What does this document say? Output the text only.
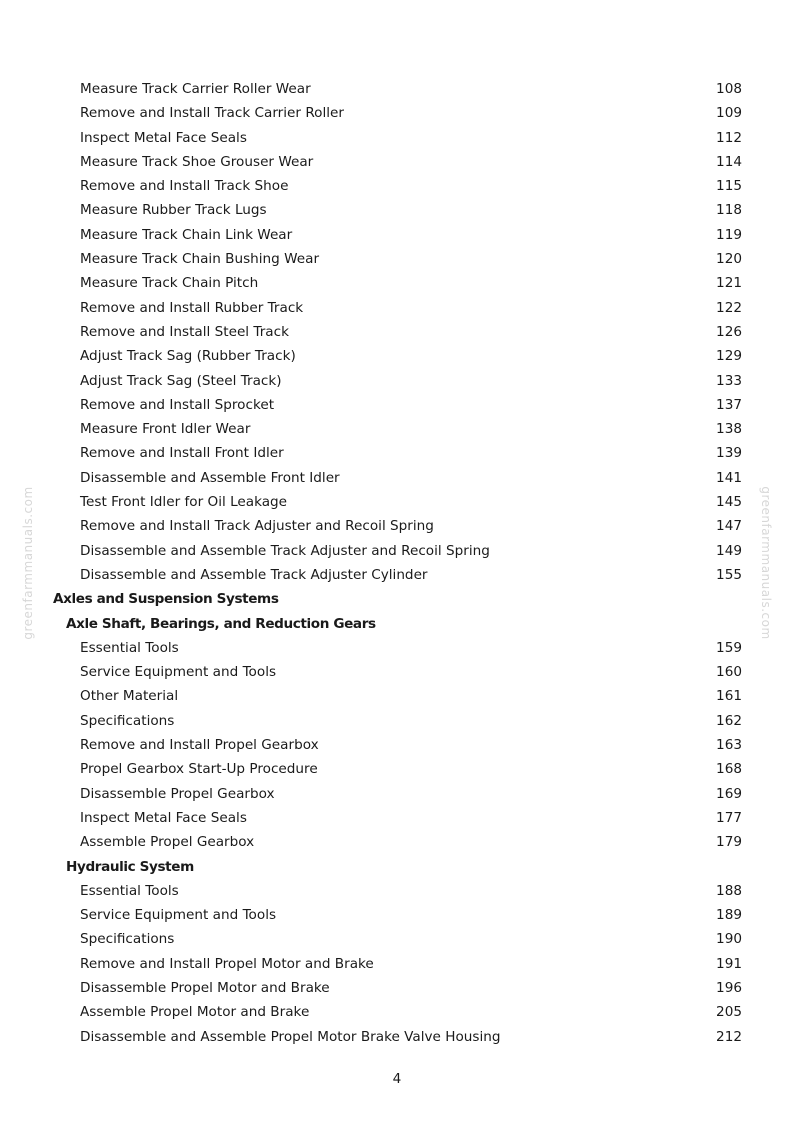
greenfarmmanuals.com	greenfarmmanuals.com
Measure Track Carrier Roller Wear	108
Remove and Install Track Carrier Roller	109
Inspect Metal Face Seals	112
Measure Track Shoe Grouser Wear	114
Remove and Install Track Shoe	115
Measure Rubber Track Lugs	118
Measure Track Chain Link Wear	119
Measure Track Chain Bushing Wear	120
Measure Track Chain Pitch	121
Remove and Install Rubber Track	122
Remove and Install Steel Track	126
Adjust Track Sag (Rubber Track)	129
Adjust Track Sag (Steel Track)	133
Remove and Install Sprocket	137
Measure Front Idler Wear	138
Remove and Install Front Idler	139
Disassemble and Assemble Front Idler	141
Test Front Idler for Oil Leakage	145
Remove and Install Track Adjuster and Recoil Spring	147
Disassemble and Assemble Track Adjuster and Recoil Spring	149
Disassemble and Assemble Track Adjuster Cylinder	155
Axles and Suspension Systems
Axle Shaft, Bearings, and Reduction Gears
Essential Tools	159
Service Equipment and Tools	160
Other Material	161
Specifications	162
Remove and Install Propel Gearbox	163
Propel Gearbox Start-Up Procedure	168
Disassemble Propel Gearbox	169
Inspect Metal Face Seals	177
Assemble Propel Gearbox	179
Hydraulic System
Essential Tools	188
Service Equipment and Tools	189
Specifications	190
Remove and Install Propel Motor and Brake	191
Disassemble Propel Motor and Brake	196
Assemble Propel Motor and Brake	205
Disassemble and Assemble Propel Motor Brake Valve Housing	212
4
